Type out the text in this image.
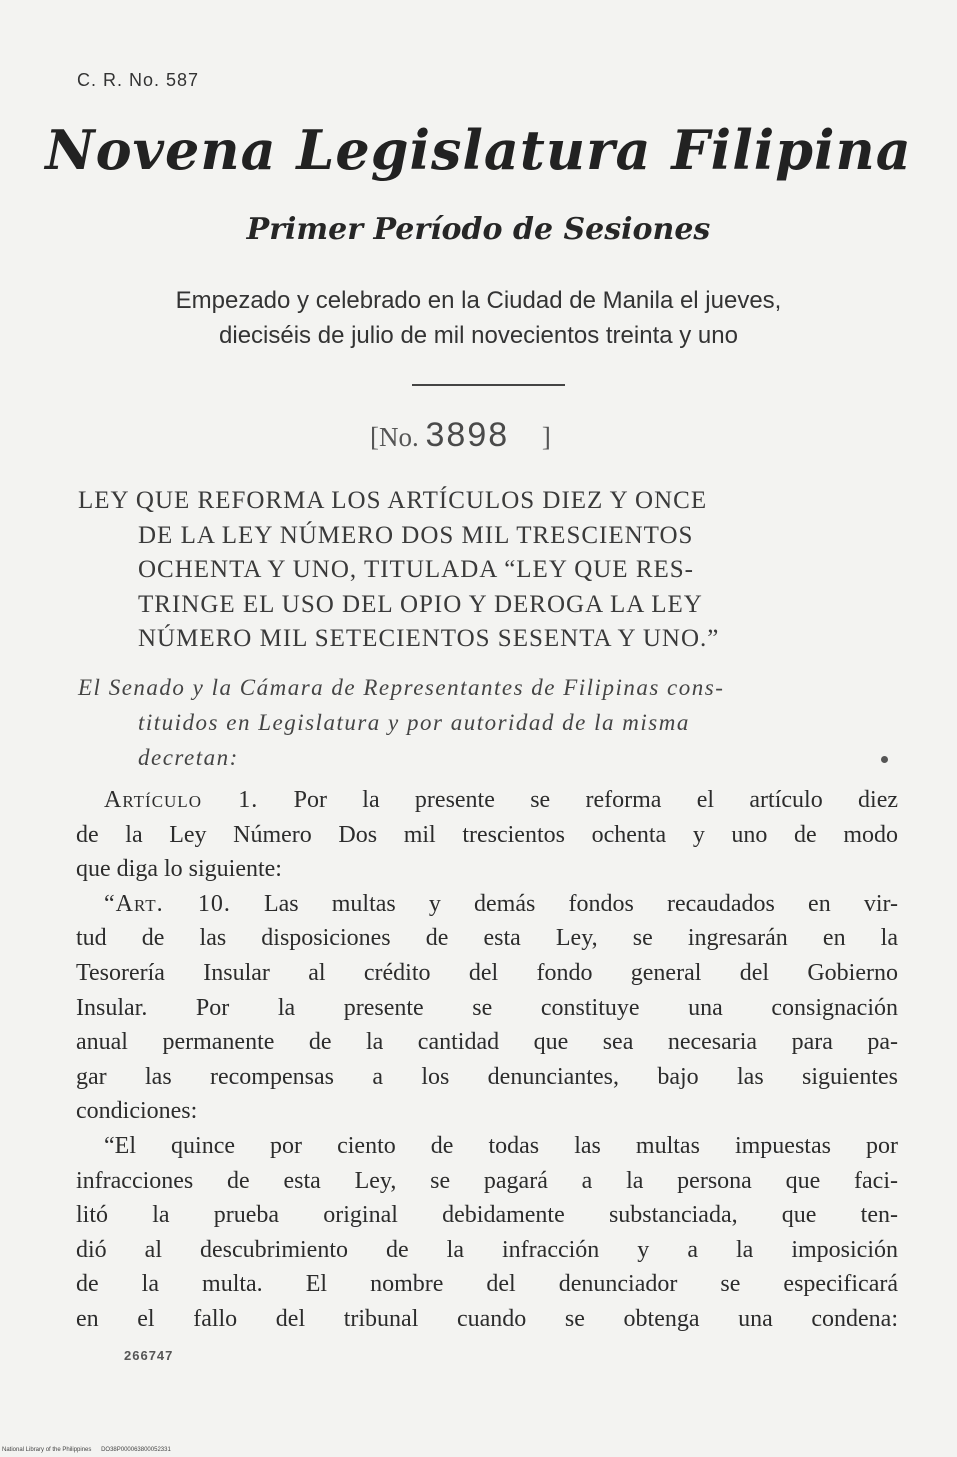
C. R. No. 587
Novena Legislatura Filipina
Primer Período de Sesiones
Empezado y celebrado en la Ciudad de Manila el jueves,
dieciséis de julio de mil novecientos treinta y uno
[No. 3898 ]
LEY QUE REFORMA LOS ARTÍCULOS DIEZ Y ONCE
DE LA LEY NÚMERO DOS MIL TRESCIENTOS
OCHENTA Y UNO, TITULADA “LEY QUE RES-
TRINGE EL USO DEL OPIO Y DEROGA LA LEY
NÚMERO MIL SETECIENTOS SESENTA Y UNO.”
El Senado y la Cámara de Representantes de Filipinas cons-
tituidos en Legislatura y por autoridad de la misma
decretan:
Artículo 1. Por la presente se reforma el artículo diez
de la Ley Número Dos mil trescientos ochenta y uno de modo
que diga lo siguiente:
“Art. 10. Las multas y demás fondos recaudados en vir-
tud de las disposiciones de esta Ley, se ingresarán en la
Tesorería Insular al crédito del fondo general del Gobierno
Insular. Por la presente se constituye una consignación
anual permanente de la cantidad que sea necesaria para pa-
gar las recompensas a los denunciantes, bajo las siguientes
condiciones:
“El quince por ciento de todas las multas impuestas por
infracciones de esta Ley, se pagará a la persona que faci-
litó la prueba original debidamente substanciada, que ten-
dió al descubrimiento de la infracción y a la imposición
de la multa. El nombre del denunciador se especificará
en el fallo del tribunal cuando se obtenga una condena:
266747
National Library of the Philippines DO38P000063800052331
